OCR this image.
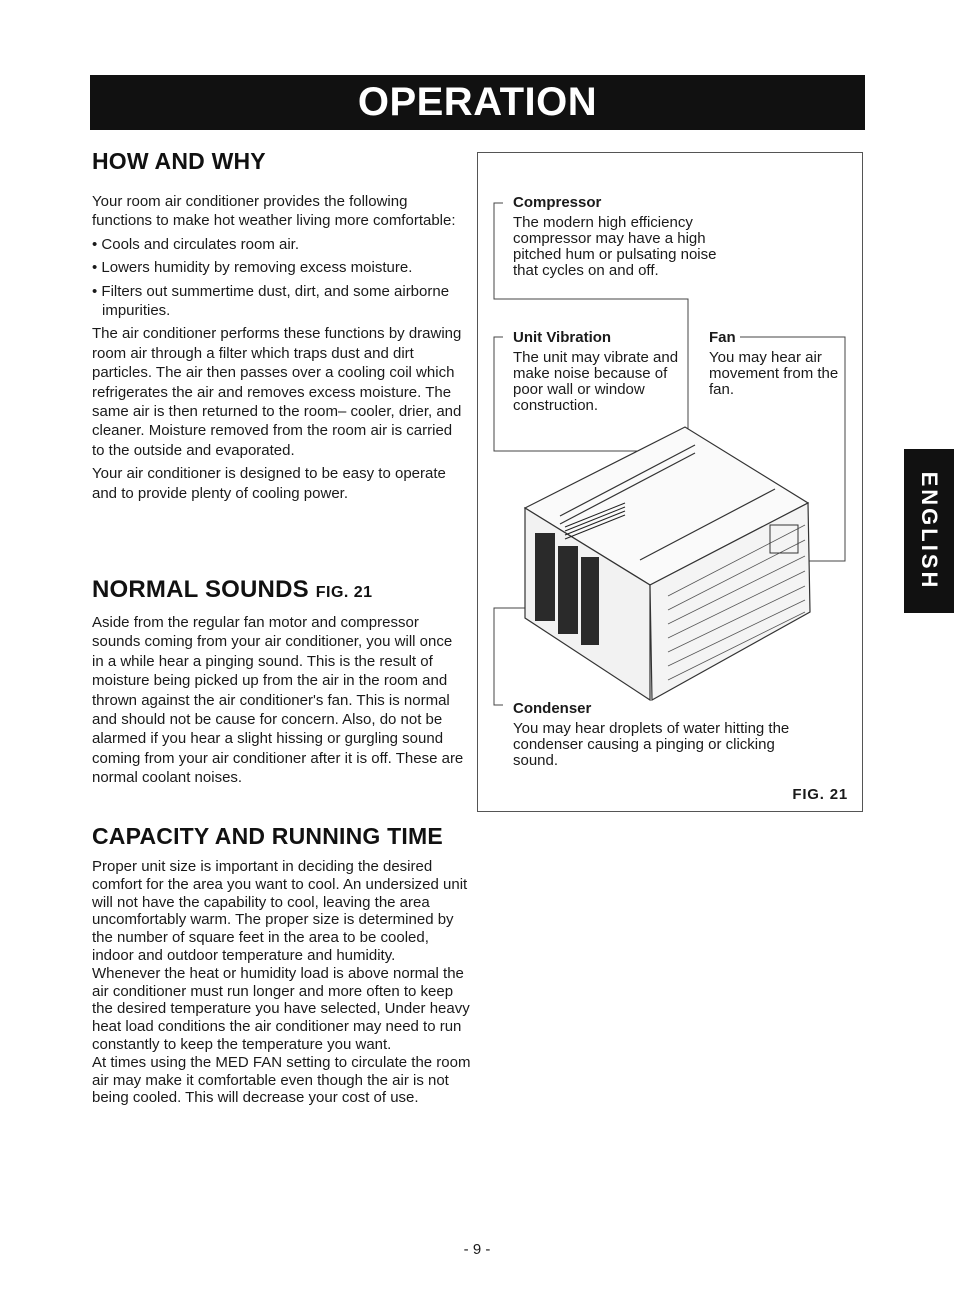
OPERATION
HOW AND WHY

Your room air conditioner provides the following functions to make hot weather living more comfortable:

• Cools and circulates room air.

• Lowers humidity by removing excess moisture.

• Filters out summertime dust, dirt, and some airborne impurities.

The air conditioner performs these functions by drawing room air through a filter which traps dust and dirt particles. The air then passes over a cooling coil which refrigerates the air and removes excess moisture. The same air is then returned to the room– cooler, drier, and cleaner. Moisture removed from the room air is carried to the outside and evaporated.

Your air conditioner is designed to be easy to operate and to provide plenty of cooling power.

NORMAL SOUNDS FIG. 21

Aside from the regular fan motor and compressor sounds coming from your air conditioner, you will once in a while hear a pinging sound. This is the result of moisture being picked up from the air in the room and thrown against the air conditioner's fan. This is normal and should not be cause for concern. Also, do not be alarmed if you hear a slight hissing or gurgling sound coming from your air conditioner after it is off. These are normal coolant noises.

CAPACITY AND RUNNING TIME

Proper unit size is important in deciding the desired comfort for the area you want to cool. An undersized unit will not have the capability to cool, leaving the area uncomfortably warm. The proper size is determined by the number of square feet in the area to be cooled, indoor and outdoor temperature and humidity.

Whenever the heat or humidity load is above normal the air conditioner must run longer and more often to keep the desired temperature you have selected, Under heavy heat load conditions the air conditioner may need to run constantly to keep the temperature you want.

At times using the MED FAN setting to circulate the room air may make it comfortable even though the air is not being cooled. This will decrease your cost of use.

Compressor
The modern high efficiency compressor may have a high pitched hum or pulsating noise that cycles on and off.
Unit Vibration
The unit may vibrate and make noise because of poor wall or window construction.
Fan
You may hear air movement from the fan.
Condenser
You may hear droplets of water hitting the condenser causing a pinging or clicking sound.
FIG. 21
ENGLISH
- 9 -
